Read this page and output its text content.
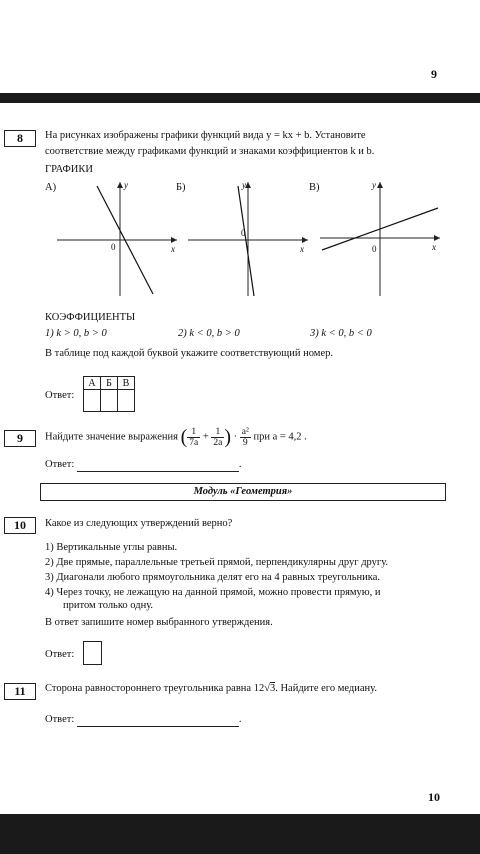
9
8	На рисунках изображены графики функций вида y = kx + b. Установите
соответствие между графиками функций и знаками коэффициентов k и b.
ГРАФИКИ
А)	y
x
0
Б)	y
x
0
В)	y
x
0
КОЭФФИЦИЕНТЫ
1) k > 0, b > 0	2) k < 0, b > 0	3) k < 0, b < 0
В таблице под каждой буквой укажите соответствующий номер.
Ответ:
А	Б	В

9	Найдите значение выражения ( $\frac{1}{7a} + \frac{1}{2a}$ ) · $\frac{\text{a²}}{9}$ при a = 4,2 .
Ответ:	.
Модуль «Геометрия»
10	Какое из следующих утверждений верно?
1) Вертикальные углы равны.
2) Две прямые, параллельные третьей прямой, перпендикулярны друг другу.
3) Диагонали любого прямоугольника делят его на 4 равных треугольника.
4) Через точку, не лежащую на данной прямой, можно провести прямую, и
притом только одну.
В ответ запишите номер выбранного утверждения.
Ответ:
11	Сторона равностороннего треугольника равна 12√3. Найдите его медиану.
Ответ:	.
10
